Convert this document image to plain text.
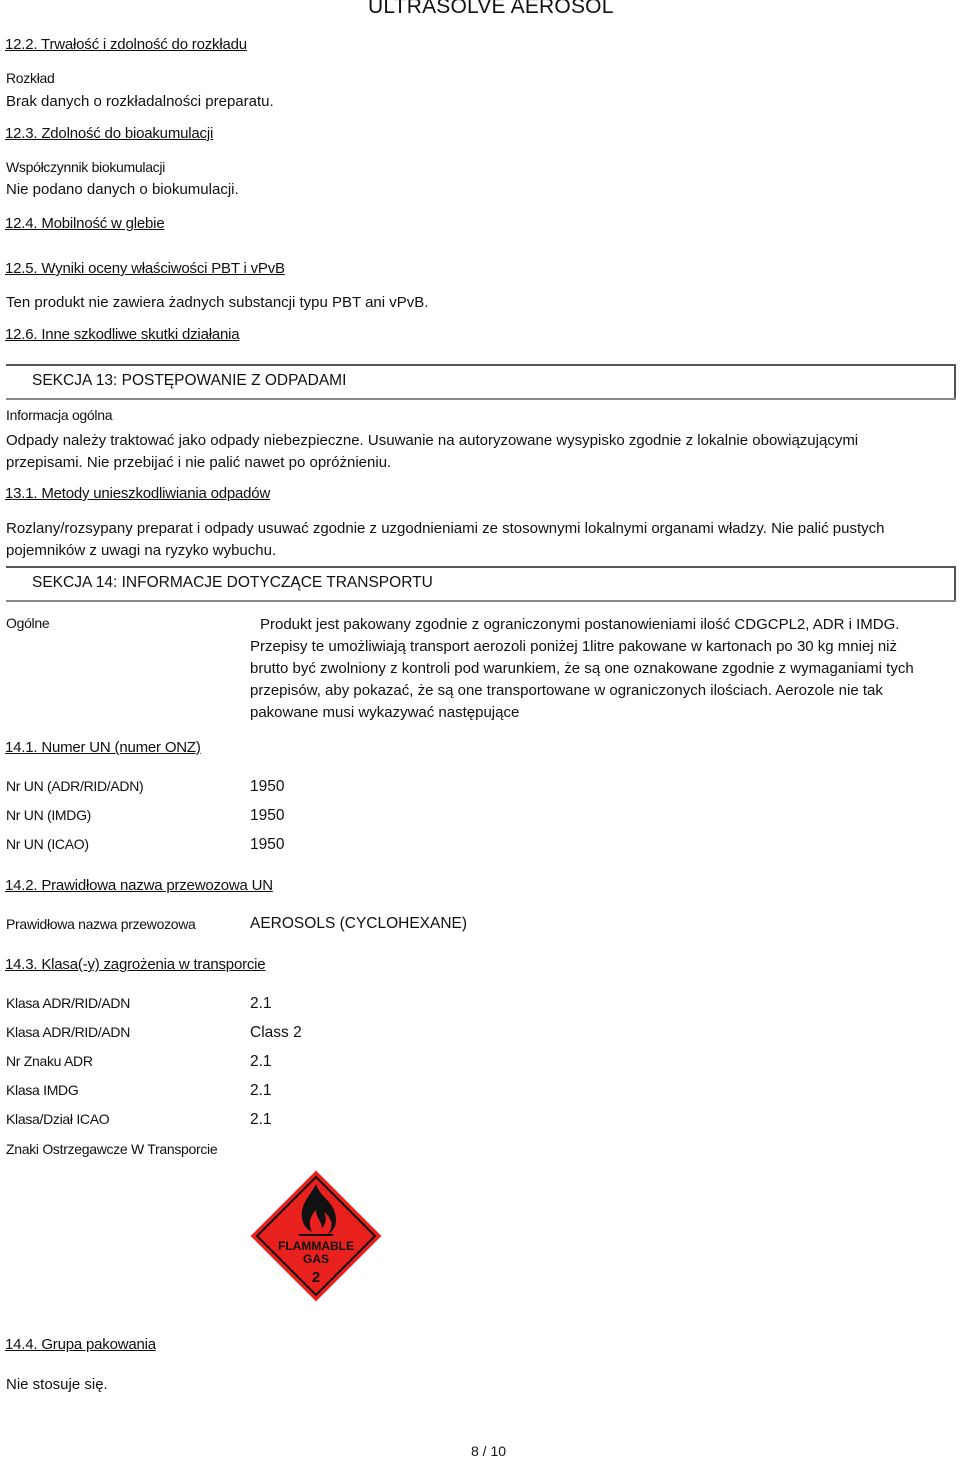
ULTRASOLVE AEROSOL
12.2. Trwałość i zdolność do rozkładu
Rozkład
Brak danych o rozkładalności preparatu.
12.3. Zdolność do bioakumulacji
Współczynnik biokumulacji
Nie podano danych o biokumulacji.
12.4. Mobilność w glebie
12.5. Wyniki oceny właściwości PBT i vPvB
Ten produkt nie zawiera żadnych substancji typu PBT ani vPvB.
12.6. Inne szkodliwe skutki działania
SEKCJA 13: POSTĘPOWANIE Z ODPADAMI
Informacja ogólna
Odpady należy traktować jako odpady niebezpieczne. Usuwanie na autoryzowane wysypisko zgodnie z lokalnie obowiązującymi przepisami. Nie przebijać i nie palić nawet po opróżnieniu.
13.1. Metody unieszkodliwiania odpadów
Rozlany/rozsypany preparat i odpady usuwać zgodnie z uzgodnieniami ze stosownymi lokalnymi organami władzy. Nie palić pustych pojemników z uwagi na ryzyko wybuchu.
SEKCJA 14: INFORMACJE DOTYCZĄCE TRANSPORTU
Ogólne	Produkt jest pakowany zgodnie z ograniczonymi postanowieniami ilość CDGCPL2, ADR i IMDG. Przepisy te umożliwiają transport aerozoli poniżej 1litre pakowane w kartonach po 30 kg mniej niż brutto być zwolniony z kontroli pod warunkiem, że są one oznakowane zgodnie z wymaganiami tych przepisów, aby pokazać, że są one transportowane w ograniczonych ilościach. Aerozole nie tak pakowane musi wykazywać następujące
14.1. Numer UN (numer ONZ)
Nr UN (ADR/RID/ADN)	1950
Nr UN (IMDG)	1950
Nr UN (ICAO)	1950
14.2. Prawidłowa nazwa przewozowa UN
Prawidłowa nazwa przewozowa	AEROSOLS (CYCLOHEXANE)
14.3. Klasa(-y) zagrożenia w transporcie
Klasa ADR/RID/ADN	2.1
Klasa ADR/RID/ADN	Class 2
Nr Znaku ADR	2.1
Klasa IMDG	2.1
Klasa/Dział ICAO	2.1
Znaki Ostrzegawcze W Transporcie
FLAMMABLE
GAS
2
14.4. Grupa pakowania
Nie stosuje się.
8 / 10
